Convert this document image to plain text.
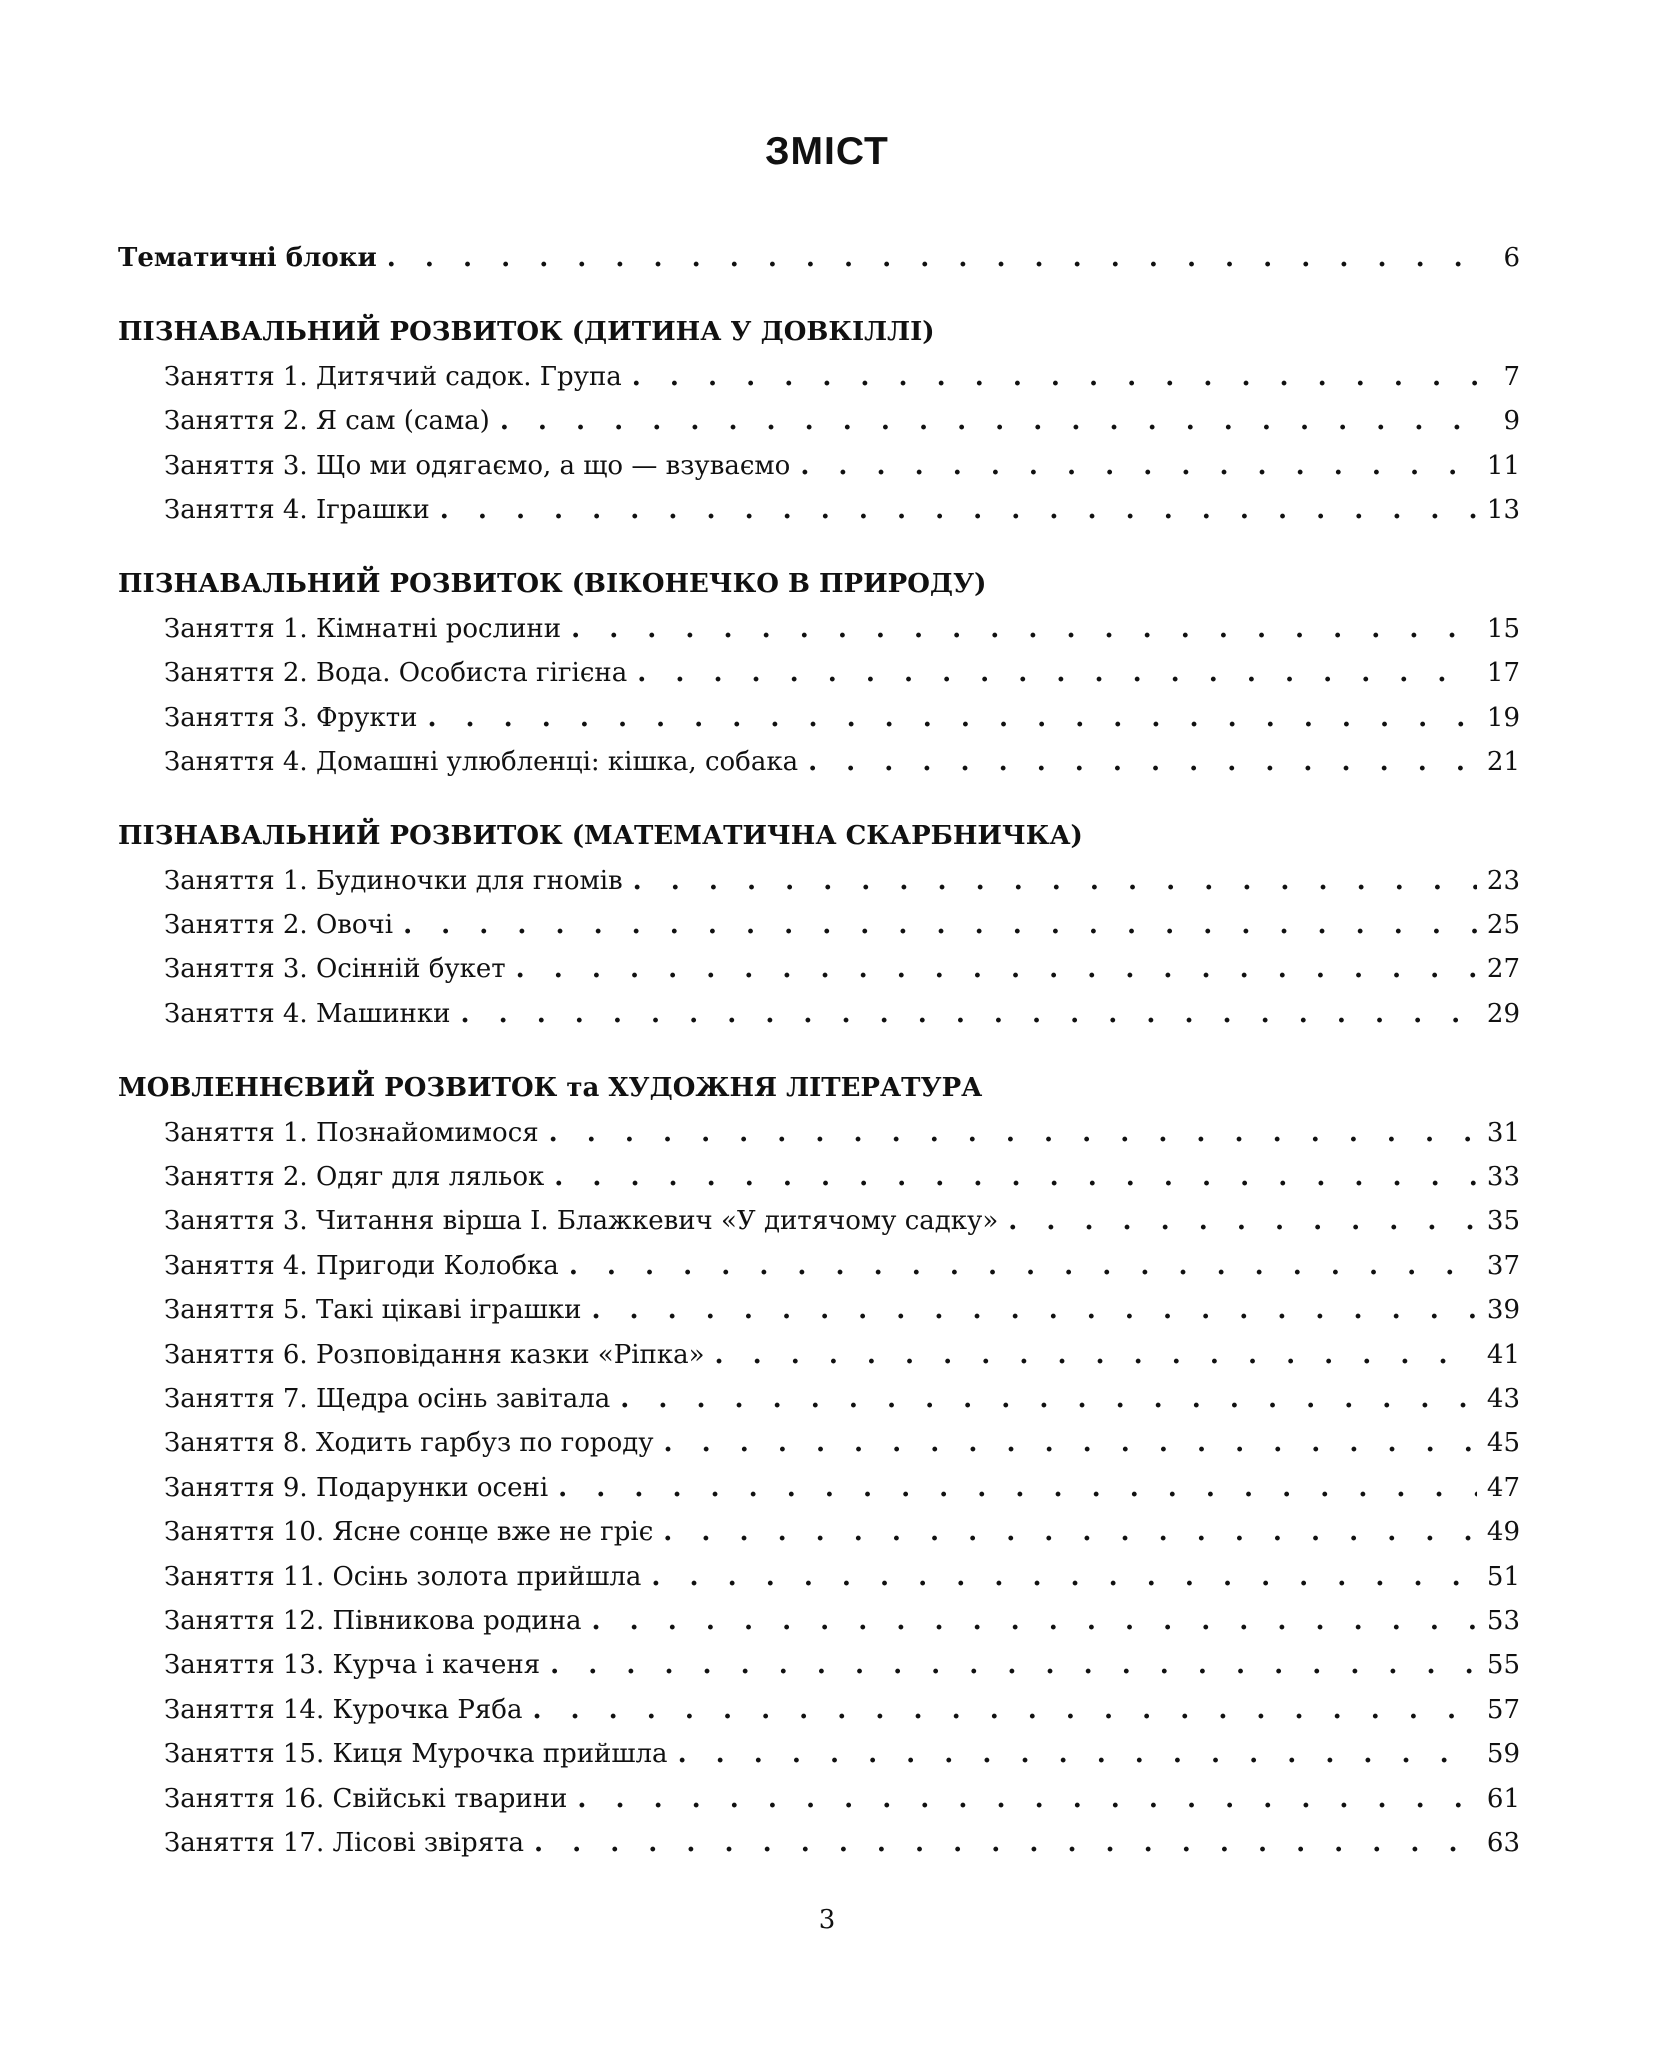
ЗМІСТ
Тематичні блоки . . .	6
ПІЗНАВАЛЬНИЙ РОЗВИТОК (ДИТИНА У ДОВКІЛЛІ)
Заняття 1. Дитячий садок. Група . . .	7
Заняття 2. Я сам (сама) . . .	9
Заняття 3. Що ми одягаємо, а що — взуваємо . . .	11
Заняття 4. Іграшки . . .	13
ПІЗНАВАЛЬНИЙ РОЗВИТОК (ВІКОНЕЧКО В ПРИРОДУ)
Заняття 1. Кімнатні рослини . . .	15
Заняття 2. Вода. Особиста гігієна . . .	17
Заняття 3. Фрукти . . .	19
Заняття 4. Домашні улюбленці: кішка, собака . . .	21
ПІЗНАВАЛЬНИЙ РОЗВИТОК (МАТЕМАТИЧНА СКАРБНИЧКА)
Заняття 1. Будиночки для гномів . . .	23
Заняття 2. Овочі . . .	25
Заняття 3. Осінній букет . . .	27
Заняття 4. Машинки . . .	29
МОВЛЕННЄВИЙ РОЗВИТОК та ХУДОЖНЯ ЛІТЕРАТУРА
Заняття 1. Познайомимося . . .	31
Заняття 2. Одяг для ляльок . . .	33
Заняття 3. Читання вірша І. Блажкевич «У дитячому садку» . . .	35
Заняття 4. Пригоди Колобка . . .	37
Заняття 5. Такі цікаві іграшки . . .	39
Заняття 6. Розповідання казки «Ріпка» . . .	41
Заняття 7. Щедра осінь завітала . . .	43
Заняття 8. Ходить гарбуз по городу . . .	45
Заняття 9. Подарунки осені . . .	47
Заняття 10. Ясне сонце вже не гріє . . .	49
Заняття 11. Осінь золота прийшла . . .	51
Заняття 12. Півникова родина . . .	53
Заняття 13. Курча і каченя . . .	55
Заняття 14. Курочка Ряба . . .	57
Заняття 15. Киця Мурочка прийшла . . .	59
Заняття 16. Свійські тварини . . .	61
Заняття 17. Лісові звірята . . .	63
3
